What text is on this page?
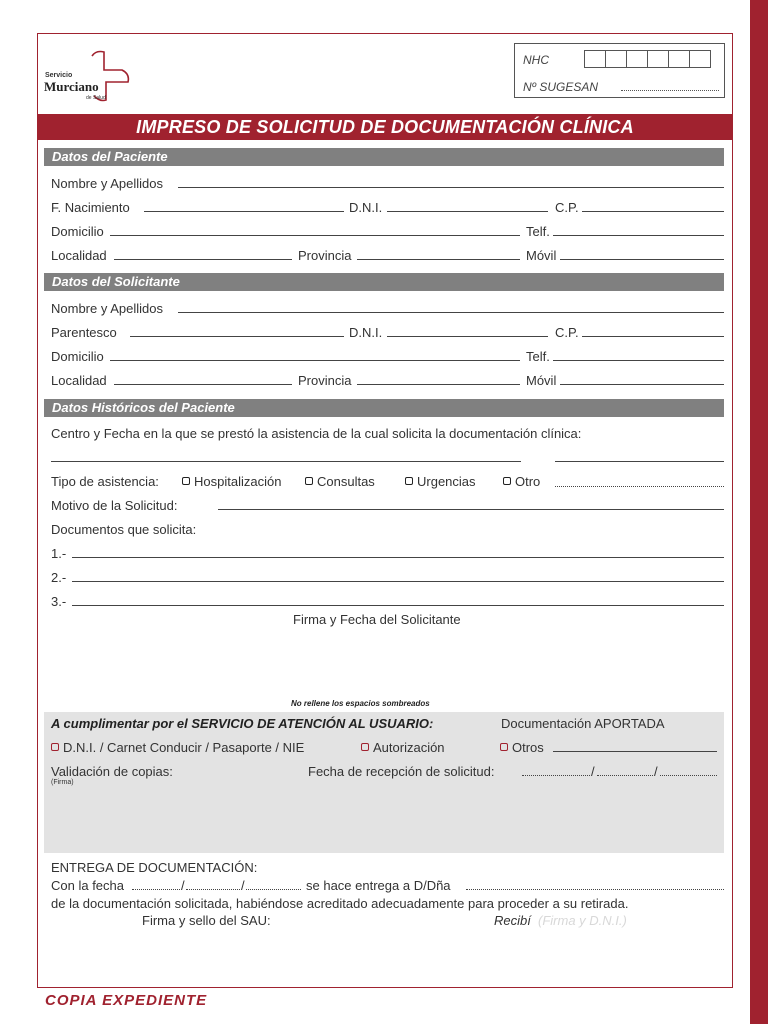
Servicio
Murciano
de Salud
NHC
Nº SUGESAN
IMPRESO DE SOLICITUD DE DOCUMENTACIÓN CLÍNICA
Datos del Paciente
Nombre y Apellidos
F. Nacimiento	D.N.I.	C.P.
Domicilio	Telf.
Localidad	Provincia	Móvil
Datos del Solicitante
Nombre y Apellidos
Parentesco	D.N.I.	C.P.
Domicilio	Telf.
Localidad	Provincia	Móvil
Datos Históricos del Paciente
Centro y Fecha en la que se prestó la asistencia de la cual solicita la documentación clínica:
Tipo de asistencia:	Hospitalización	Consultas	Urgencias	Otro
Motivo de la Solicitud:
Documentos que solicita:
1.-
2.-
3.-
Firma y Fecha del Solicitante
No rellene los espacios sombreados
A cumplimentar por el SERVICIO DE ATENCIÓN AL USUARIO:	Documentación APORTADA
D.N.I. / Carnet Conducir / Pasaporte / NIE	Autorización	Otros
Validación de copias:
(Firma)
Fecha de recepción de solicitud:	/	/
ENTREGA DE DOCUMENTACIÓN:
Con la fecha	/	/	se hace entrega a D/Dña
de la documentación solicitada, habiéndose acreditado adecuadamente para proceder a su retirada.
Firma y sello del SAU:	Recibí (Firma y D.N.I.)
COPIA EXPEDIENTE
